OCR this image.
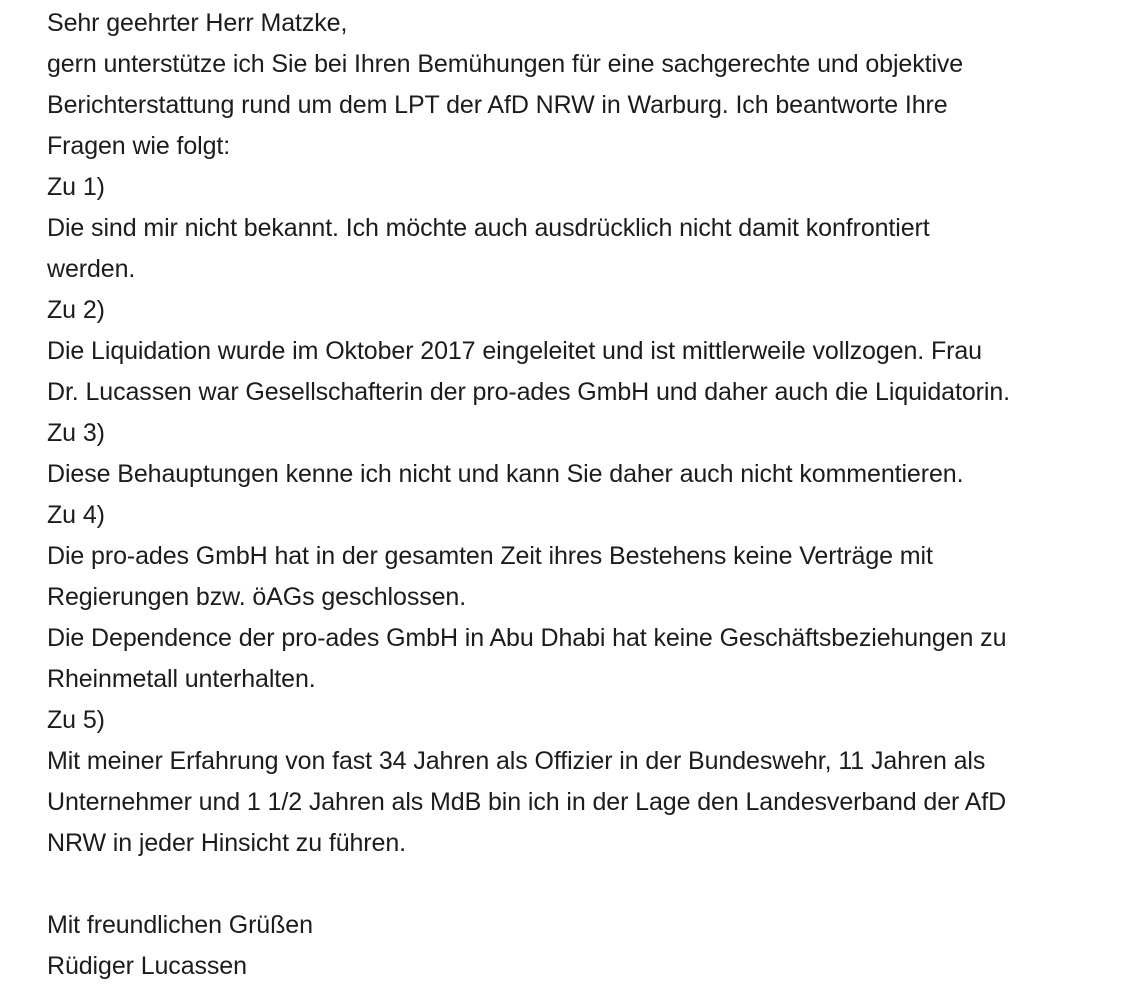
Sehr geehrter Herr Matzke,
gern unterstütze ich Sie bei Ihren Bemühungen für eine sachgerechte und objektive
Berichterstattung rund um dem LPT der AfD NRW in Warburg. Ich beantworte Ihre
Fragen wie folgt:
Zu 1)
Die sind mir nicht bekannt. Ich möchte auch ausdrücklich nicht damit konfrontiert
werden.
Zu 2)
Die Liquidation wurde im Oktober 2017 eingeleitet und ist mittlerweile vollzogen. Frau
Dr. Lucassen war Gesellschafterin der pro-ades GmbH und daher auch die Liquidatorin.
Zu 3)
Diese Behauptungen kenne ich nicht und kann Sie daher auch nicht kommentieren.
Zu 4)
Die pro-ades GmbH hat in der gesamten Zeit ihres Bestehens keine Verträge mit
Regierungen bzw. öAGs geschlossen.
Die Dependence der pro-ades GmbH in Abu Dhabi hat keine Geschäftsbeziehungen zu
Rheinmetall unterhalten.
Zu 5)
Mit meiner Erfahrung von fast 34 Jahren als Offizier in der Bundeswehr, 11 Jahren als
Unternehmer und 1 1/2 Jahren als MdB bin ich in der Lage den Landesverband der AfD
NRW in jeder Hinsicht zu führen.
Mit freundlichen Grüßen
Rüdiger Lucassen
